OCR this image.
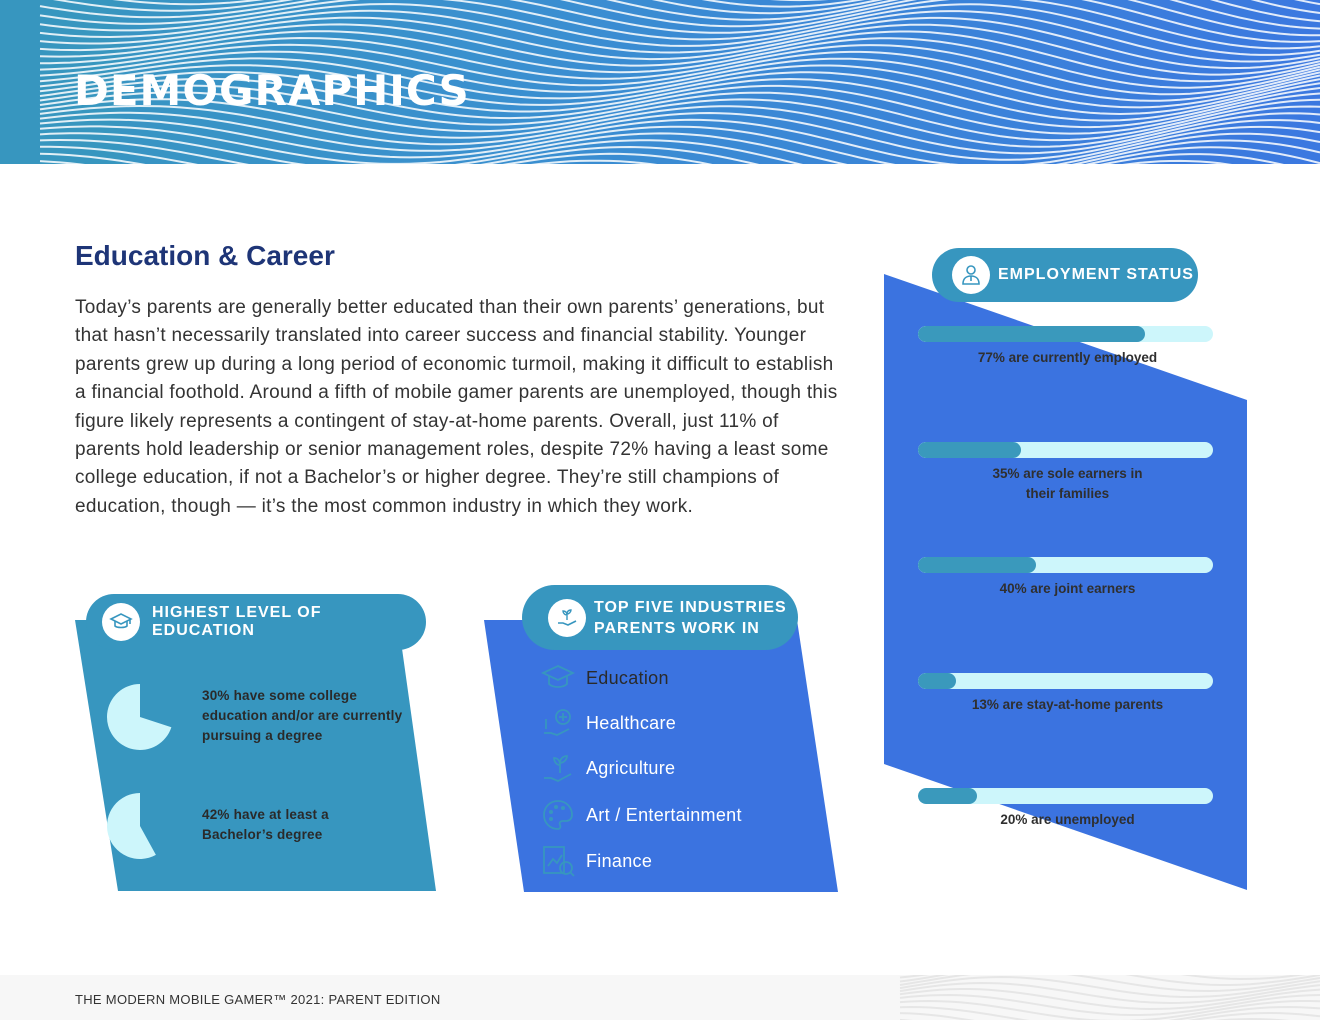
DEMOGRAPHICS
Education & Career

Today’s parents are generally better educated than their own parents’ generations, but that hasn’t necessarily translated into career success and financial stability. Younger parents grew up during a long period of economic turmoil, making it difficult to establish a financial foothold. Around a fifth of mobile gamer parents are unemployed, though this figure likely represents a contingent of stay-at-home parents. Overall, just 11% of parents hold leadership or senior management roles, despite 72% having a least some college education, if not a Bachelor’s or higher degree. They’re still champions of education, though — it’s the most common industry in which they work.

HIGHEST LEVEL OF EDUCATION
30% have some college education and/or are currently pursuing a degree
42% have at least a Bachelor’s degree
TOP FIVE INDUSTRIES
PARENTS WORK IN
Education
Healthcare
Agriculture
Art / Entertainment
Finance
EMPLOYMENT STATUS
77% are currently employed
35% are sole earners in their families
40% are joint earners
13% are stay-at-home parents
20% are unemployed
THE MODERN MOBILE GAMER™ 2021: PARENT EDITION
